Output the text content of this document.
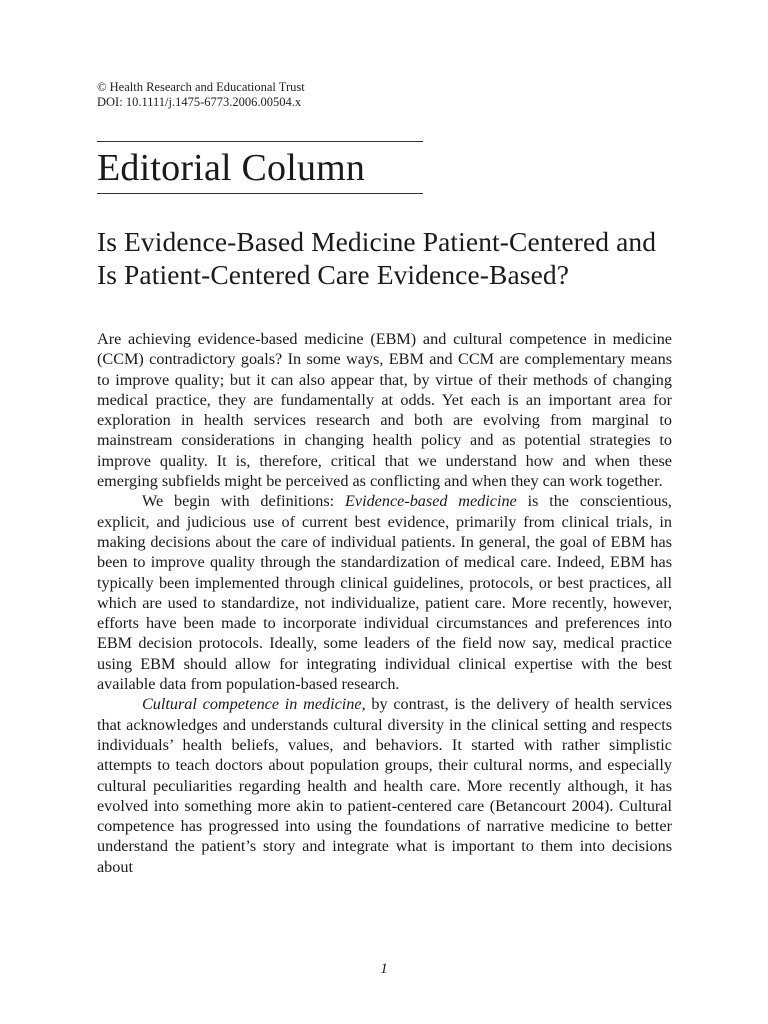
© Health Research and Educational Trust
DOI: 10.1111/j.1475-6773.2006.00504.x
Editorial Column
Is Evidence-Based Medicine Patient-Centered and Is Patient-Centered Care Evidence-Based?

Are achieving evidence-based medicine (EBM) and cultural competence in medicine (CCM) contradictory goals? In some ways, EBM and CCM are complementary means to improve quality; but it can also appear that, by virtue of their methods of changing medical practice, they are fundamentally at odds. Yet each is an important area for exploration in health services research and both are evolving from marginal to mainstream considerations in changing health policy and as potential strategies to improve quality. It is, therefore, critical that we understand how and when these emerging subfields might be perceived as conflicting and when they can work together.

We begin with definitions: Evidence-based medicine is the conscientious, explicit, and judicious use of current best evidence, primarily from clinical trials, in making decisions about the care of individual patients. In general, the goal of EBM has been to improve quality through the standardization of medical care. Indeed, EBM has typically been implemented through clinical guidelines, protocols, or best practices, all which are used to standardize, not individualize, patient care. More recently, however, efforts have been made to incorporate individual circumstances and preferences into EBM decision protocols. Ideally, some leaders of the field now say, medical practice using EBM should allow for integrating individual clinical expertise with the best available data from population-based research.

Cultural competence in medicine, by contrast, is the delivery of health services that acknowledges and understands cultural diversity in the clinical setting and respects individuals’ health beliefs, values, and behaviors. It started with rather simplistic attempts to teach doctors about population groups, their cultural norms, and especially cultural peculiarities regarding health and health care. More recently although, it has evolved into something more akin to patient-centered care (Betancourt 2004). Cultural competence has progressed into using the foundations of narrative medicine to better understand the patient’s story and integrate what is important to them into decisions about

1
